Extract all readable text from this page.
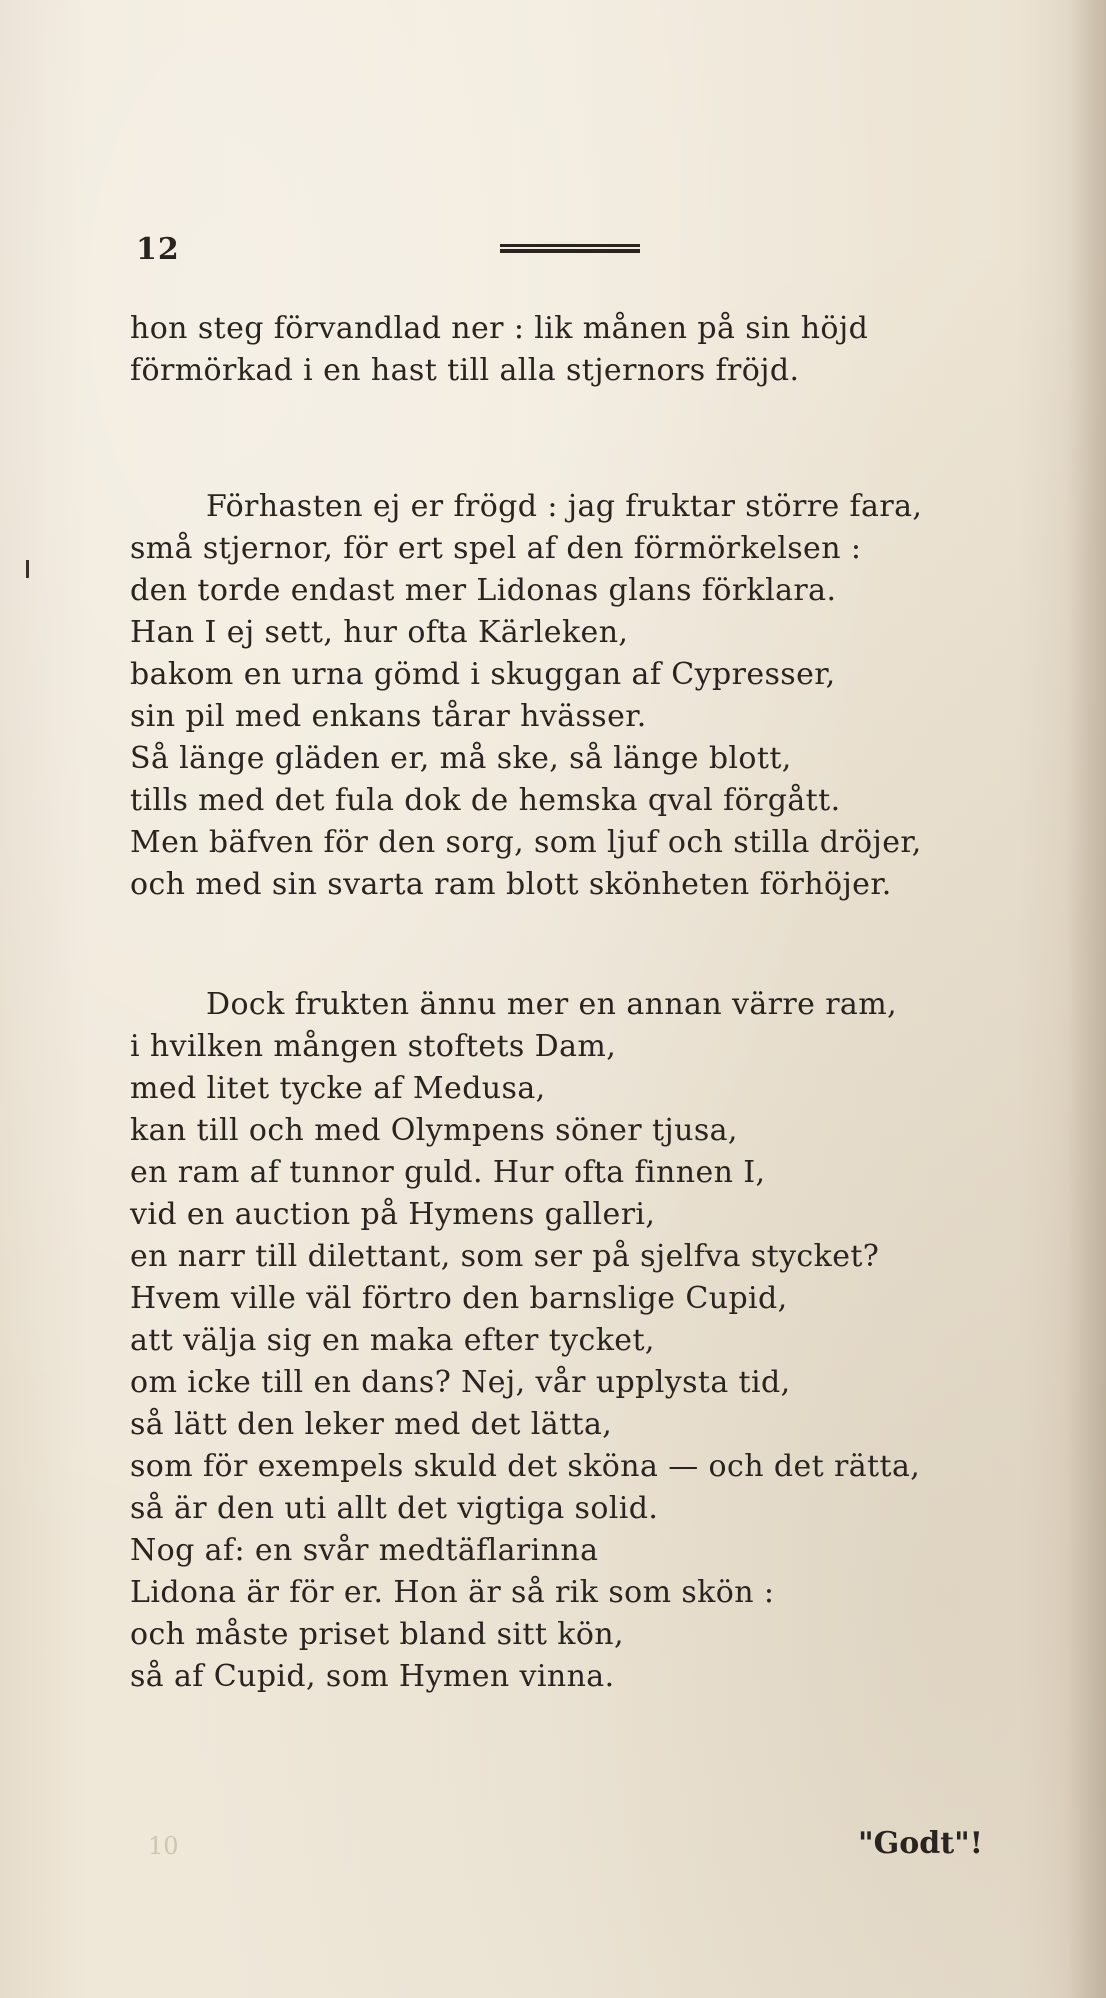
12
hon steg förvandlad ner : lik månen på sin höjd
förmörkad i en hast till alla stjernors fröjd.
Förhasten ej er frögd : jag fruktar större fara,
små stjernor, för ert spel af den förmörkelsen :
den torde endast mer Lidonas glans förklara.
Han I ej sett, hur ofta Kärleken,
bakom en urna gömd i skuggan af Cypresser,
sin pil med enkans tårar hvässer.
Så länge gläden er, må ske, så länge blott,
tills med det fula dok de hemska qval förgått.
Men bäfven för den sorg, som ljuf och stilla dröjer,
och med sin svarta ram blott skönheten förhöjer.
Dock frukten ännu mer en annan värre ram,
i hvilken mången stoftets Dam,
med litet tycke af Medusa,
kan till och med Olympens söner tjusa,
en ram af tunnor guld. Hur ofta finnen I,
vid en auction på Hymens galleri,
en narr till dilettant, som ser på sjelfva stycket?
Hvem ville väl förtro den barnslige Cupid,
att välja sig en maka efter tycket,
om icke till en dans? Nej, vår upplysta tid,
så lätt den leker med det lätta,
som för exempels skuld det sköna — och det rätta,
så är den uti allt det vigtiga solid.
Nog af: en svår medtäflarinna
Lidona är för er. Hon är så rik som skön :
och måste priset bland sitt kön,
så af Cupid, som Hymen vinna.
10	"Godt"!
